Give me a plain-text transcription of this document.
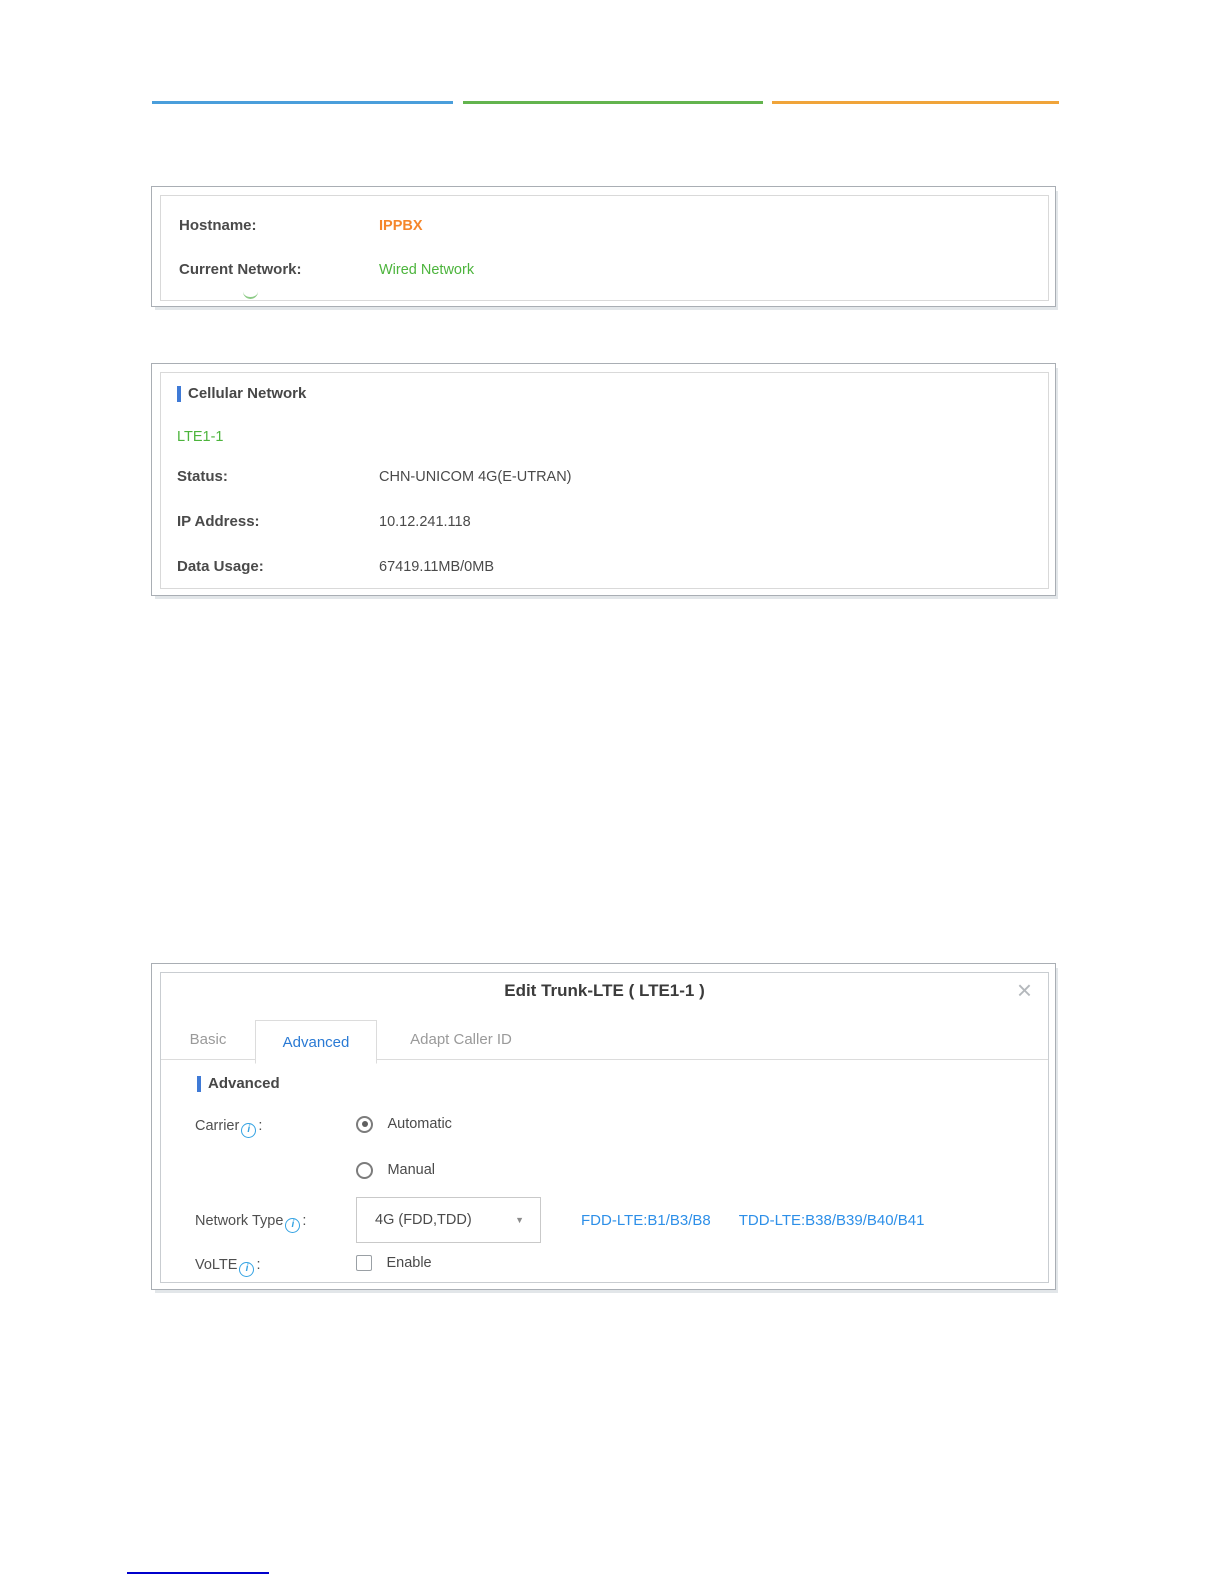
Hostname:	IPPBX
Current Network:	Wired Network
Cellular Network
LTE1-1
Status:	CHN-UNICOM 4G(E-UTRAN)
IP Address:	10.12.241.118
Data Usage:	67419.11MB/0MB
Edit Trunk-LTE ( LTE1-1 )	×
Basic	Advanced	Adapt Caller ID
Advanced
Carrier i :	Automatic
Manual
Network Type i :	4G (FDD,TDD)	▼	FDD-LTE:B1/B3/B8 TDD-LTE:B38/B39/B40/B41
VoLTE i :	Enable
